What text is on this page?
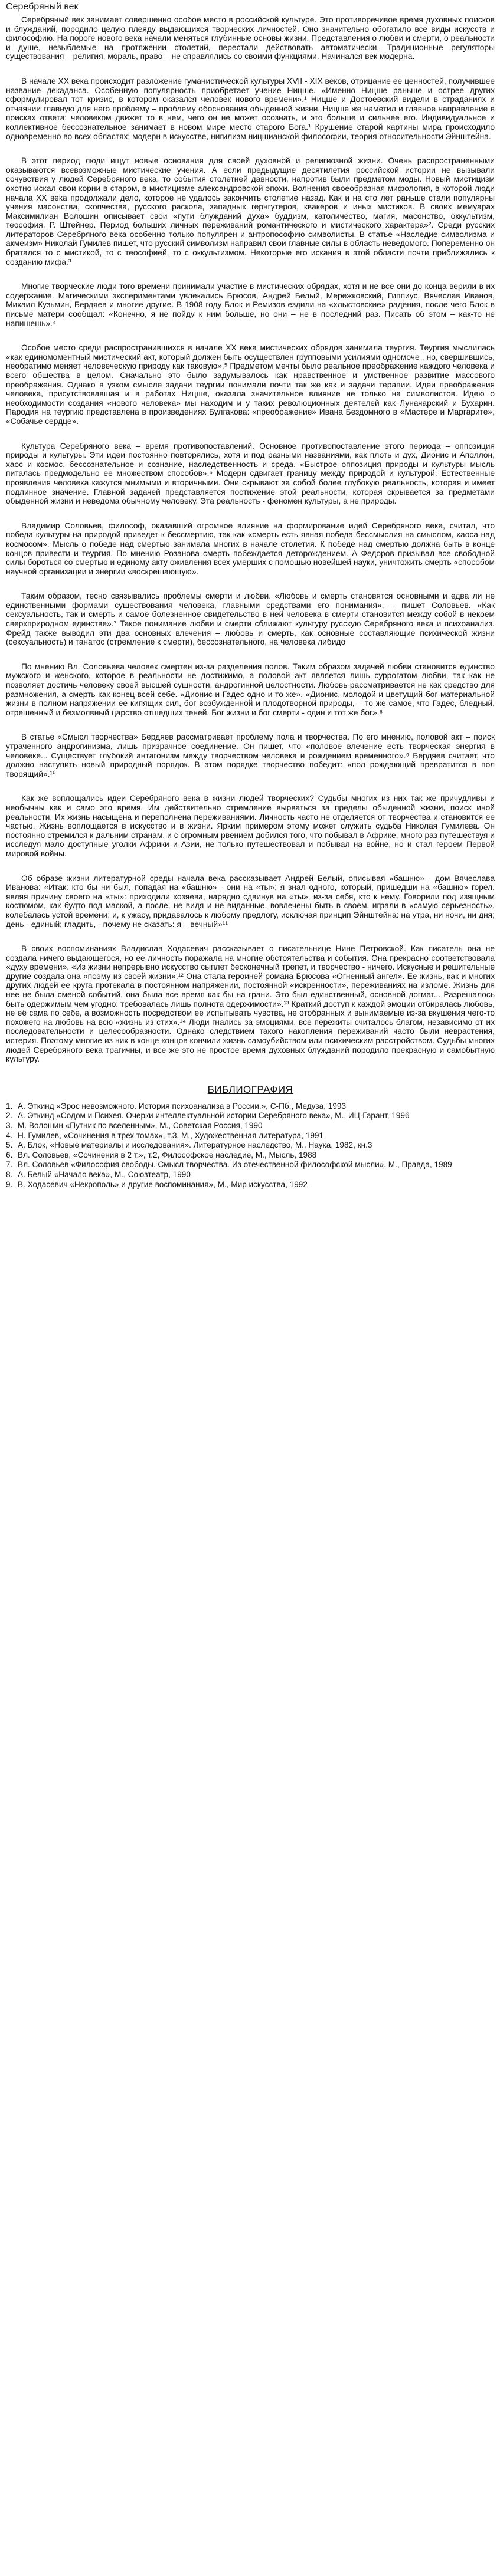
Серебряный век

Серебряный век занимает совершенно особое место в российской культуре. Это противоречивое время духовных поисков и блужданий, породило целую плеяду выдающихся творческих личностей. Оно значительно обогатило все виды искусств и философию. На пороге нового века начали меняться глубинные основы жизни. Представления о любви и смерти, о реальности и душе, незыблемые на протяжении столетий, перестали действовать автоматически. Традиционные регуляторы существования – религия, мораль, право – не справлялись со своими функциями. Начинался век модерна.

В начале XX века происходит разложение гуманистической культуры XVII - XIX веков, отрицание ее ценностей, получившее название декаданса. Особенную популярность приобретает учение Ницше. «Именно Ницше раньше и острее других сформулировал тот кризис, в котором оказался человек нового времени».¹ Ницше и Достоевский видели в страданиях и отчаянии главную для него проблему – проблему обоснования обыденной жизни. Ницше же наметил и главное направление в поисках ответа: человеком движет то в нем, чего он не может осознать, и это больше и сильнее его. Индивидуальное и коллективное бессознательное занимает в новом мире место старого Бога.¹ Крушение старой картины мира происходило одновременно во всех областях: модерн в искусстве, нигилизм ницшианской философии, теория относительности Эйнштейна.

В этот период люди ищут новые основания для своей духовной и религиозной жизни. Очень распространенными оказываются всевозможные мистические учения. А если предыдущие десятилетия российской истории не вызывали сочувствия у людей Серебряного века, то события столетней давности, напротив были предметом моды. Новый мистицизм охотно искал свои корни в старом, в мистицизме александровской эпохи. Волнения своеобразная мифология, в которой люди начала XX века продолжали дело, которое не удалось закончить столетие назад. Как и на сто лет раньше стали популярны учения масонства, скопчества, русского раскола, западных гернгутеров, квакеров и иных мистиков. В своих мемуарах Максимилиан Волошин описывает свои «пути блужданий духа» буддизм, католичество, магия, масонство, оккультизм, теософия, Р. Штейнер. Период больших личных переживаний романтического и мистического характера»². Среди русских литераторов Серебряного века особенно только популярен и антропософию символисты. В статье «Наследие символизма и акмеизм» Николай Гумилев пишет, что русский символизм направил свои главные силы в область неведомого. Попеременно он братался то с мистикой, то с теософией, то с оккультизмом. Некоторые его искания в этой области почти приближались к созданию мифа.³

Многие творческие люди того времени принимали участие в мистических обрядах, хотя и не все они до конца верили в их содержание. Магическими экспериментами увлекались Брюсов, Андрей Белый, Мережковский, Гиппиус, Вячеслав Иванов, Михаил Кузьмин, Бердяев и многие другие. В 1908 году Блок и Ремизов ездили на «хлыстовские» радения, после чего Блок в письме матери сообщал: «Конечно, я не пойду к ним больше, но они – не в последний раз. Писать об этом – как-то не напишешь».⁴

Особое место среди распространившихся в начале XX века мистических обрядов занимала теургия. Теургия мыслилась «как единомоментный мистический акт, который должен быть осуществлен групповыми усилиями одномоче , но, свершившись, необратимо меняет человеческую природу как таковую».⁵ Предметом мечты было реальное преображение каждого человека и всего общества в целом. Сначально это было задумывалось как нравственное и умственное развитие массового преображения. Однако в узком смысле задачи теургии понимали почти так же как и задачи терапии. Идеи преображения человека, присутствовавшая и в работах Ницше, оказала значительное влияние не только на символистов. Идею о необходимости создания «нового человека» мы находим и у таких революционных деятелей как Луначарский и Бухарин. Пародия на теургию представлена в произведениях Булгакова: «преображение» Ивана Бездомного в «Мастере и Маргарите», «Собачье сердце».

Культура Серебряного века – время противопоставлений. Основное противопоставление этого периода – оппозиция природы и культуры. Эти идеи постоянно повторялись, хотя и под разными названиями, как плоть и дух, Дионис и Аполлон, хаос и космос, бессознательное и сознание, наследственность и среда. «Быстрое оппозиция природы и культуры мысль питалась предмодельно ее множеством способов».⁶ Модерн сдвигает границу между природой и культурой. Естественные проявления человека кажутся мнимыми и вторичными. Они скрывают за собой более глубокую реальность, которая и имеет подлинное значение. Главной задачей представляется постижение этой реальности, которая скрывается за предметами обыденной жизни и неведома обычному человеку. Эта реальность - феномен культуры, а не природы.

Владимир Соловьев, философ, оказавший огромное влияние на формирование идей Серебряного века, считал, что победа культуры на природой приведет к бессмертию, так как «смерть есть явная победа бессмыслия на смыслом, хаоса над космосом». Мысль о победе над смертью занимала многих в начале столетия. К победе над смертью должна быть в конце концов привести и теургия. По мнению Розанова смерть побеждается деторождением. А Федоров призывал все свободной силы бороться со смертью и единому акту оживления всех умерших с помощью новейшей науки, уничтожить смерть «способом научной организации и энергии «воскрешающую».

Таким образом, тесно связывались проблемы смерти и любви. «Любовь и смерть становятся основными и едва ли не единственными формами существования человека, главными средствами его понимания», – пишет Соловьев. «Как сексуальность, так и смерть и самое болезненное свидетельство в ней человека в смерти становится между собой в некоем сверхприродном единстве».⁷ Такое понимание любви и смерти сближают культуру русскую Серебряного века и психоанализ. Фрейд также выводил эти два основных влечения – любовь и смерть, как основные составляющие психической жизни (сексуальность) и танатос (стремление к смерти), бессознательного, на человека либидо

По мнению Вл. Соловьева человек смертен из-за разделения полов. Таким образом задачей любви становится единство мужского и женского, которое в реальности не достижимо, а половой акт является лишь суррогатом любви, так как не позволяет достичь человеку своей высшей сущности, андрогинной целостности. Любовь рассматривается не как средство для размножения, а смерть как конец всей себе. «Дионис и Гадес одно и то же». «Дионис, молодой и цветущий бог материальной жизни в полном напряжении ее кипящих сил, бог возбужденной и плодотворной природы, – то же самое, что Гадес, бледный, отрешенный и безмолвный царство отшедших теней. Бог жизни и бог смерти - один и тот же бог».⁸

В статье «Смысл творчества» Бердяев рассматривает проблему пола и творчества. По его мнению, половой акт – поиск утраченного андрогинизма, лишь призрачное соединение. Он пишет, что «половое влечение есть творческая энергия в человеке... Существует глубокий антагонизм между творчеством человека и рождением временного».⁹ Бердяев считает, что должно наступить новый природный порядок. В этом порядке творчество победит: «пол рождающий превратится в пол творящий».¹⁰

Как же воплощались идеи Серебряного века в жизни людей творческих? Судьбы многих из них так же причудливы и необычны как и само это время. Им действительно стремление вырваться за пределы обыденной жизни, поиск иной реальности. Их жизнь насыщена и переполнена переживаниями. Личность часто не отделяется от творчества и становится ее частью. Жизнь воплощается в искусство и в жизни. Ярким примером этому может служить судьба Николая Гумилева. Он постоянно стремился к дальним странам, и с огромным рвением добился того, что побывал в Африке, много раз путешествуя и исследуя мало доступные уголки Африки и Азии, не только путешествовал и побывал на войне, но и стал героем Первой мировой войны.

Об образе жизни литературной среды начала века рассказывает Андрей Белый, описывая «башню» - дом Вячеслава Иванова: «Итак: кто бы ни был, попадая на «башню» - они на «ты»; я знал одного, который, пришедши на «башню» горел, являя причину своего на «ты»: приходили хозяева, нарядно сдвинув на «ты», из-за себя, кто к нему. Говорили под изящным костюмом, как будто под маской, а после, не видя и не виданные, вовлечены быть в своем, играли в «самую серьезность», колебалась устой времени; и, к ужасу, придавалось к любому предлогу, исключая принцип Эйнштейна: на утра, ни ночи, ни дня; день - единый; гладить, - почему не сказать: я – вечный»¹¹

В своих воспоминаниях Владислав Ходасевич рассказывает о писательнице Нине Петровской. Как писатель она не создала ничего выдающегося, но ее личность поражала на многие обстоятельства и события. Она прекрасно соответствовала «духу времени». «Из жизни непрерывно искусство сыплет бесконечный трепет, и творчество - ничего. Искусные и решительные другие создала она «поэму из своей жизни».¹² Она стала героиней романа Брюсова «Огненный ангел». Ее жизнь, как и многих других людей ее круга протекала в постоянном напряжении, постоянной «искренности», переживаниях на изломе. Жизнь для нее не была сменой событий, она была все время как бы на грани. Это был единственный, основной догмат... Разрешалось быть одержимым чем угодно: требовалась лишь полнота одержимости».¹³ Краткий доступ к каждой эмоции отбиралась любовь, не её сама по себе, а возможность посредством ее испытывать чувства, не отобранных и вынимаемые из-за вкушения чего-то похожего на любовь на всю «жизнь из стих».¹⁴ Люди гнались за эмоциями, все пережиты считалось благом, независимо от их последовательности и целесообразности. Однако следствием такого накопления переживаний часто были неврастения, истерия. Поэтому многие из них в конце концов кончили жизнь самоубийством или психическим расстройством. Судьбы многих людей Серебряного века трагичны, и все же это не простое время духовных блужданий породило прекрасную и самобытную культуру.

БИБЛИОГРАФИЯ
1. А. Эткинд «Эрос невозможного. История психоанализа в России.», С-Пб., Медуза, 1993
2. А. Эткинд «Содом и Психея. Очерки интеллектуальной истории Серебряного века», М., ИЦ-Гарант, 1996
3. М. Волошин «Путник по вселенным», М., Советская Россия, 1990
4. Н. Гумилев, «Сочинения в трех томах», т.3, М., Художественная литература, 1991
5. А. Блок, «Новые материалы и исследования». Литературное наследство, М., Наука, 1982, кн.3
6. Вл. Соловьев, «Сочинения в 2 т.», т.2, Философское наследие, М., Мысль, 1988
7. Вл. Соловьев «Философия свободы. Смысл творчества. Из отечественной философской мысли», М., Правда, 1989
8. А. Белый «Начало века», М., Союзтеатр, 1990
9. В. Ходасевич «Некрополь» и другие воспоминания», М., Мир искусства, 1992
